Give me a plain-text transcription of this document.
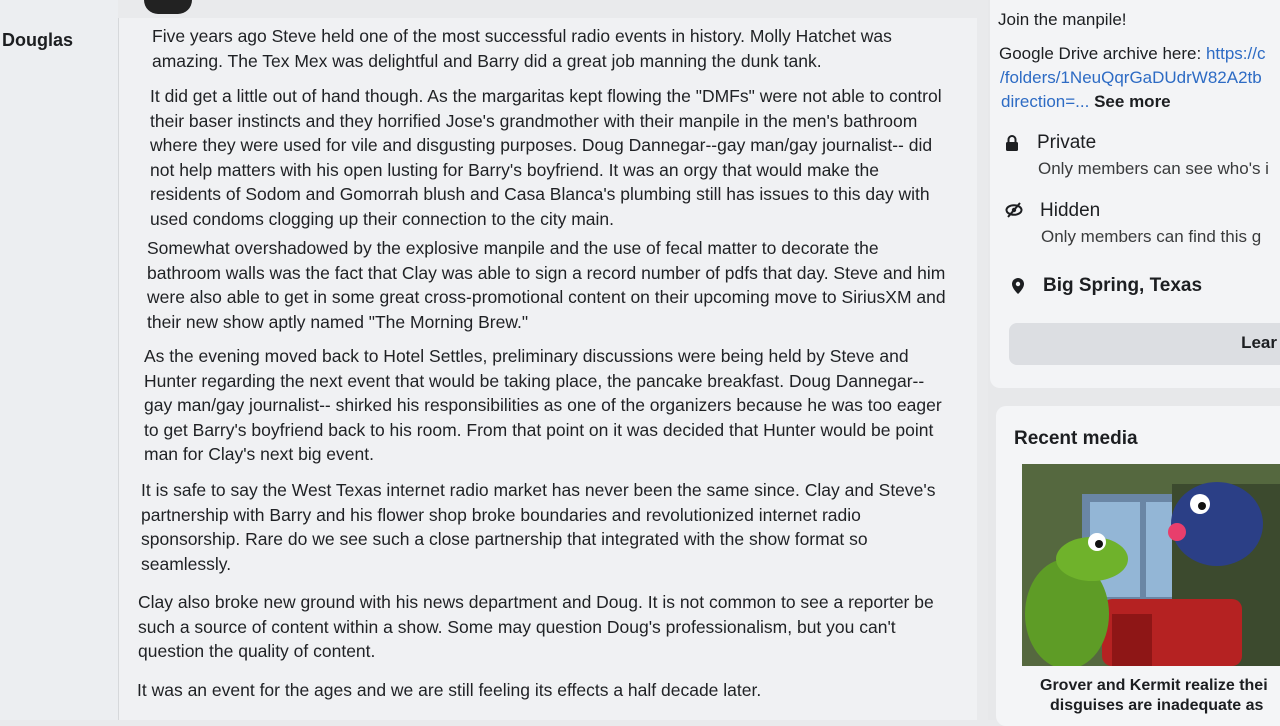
Douglas	Five years ago Steve held one of the most successful radio events in history. Molly Hatchet was amazing. The Tex Mex was delightful and Barry did a great job manning the dunk tank.

It did get a little out of hand though. As the margaritas kept flowing the "DMFs" were not able to control their baser instincts and they horrified Jose's grandmother with their manpile in the men's bathroom where they were used for vile and disgusting purposes. Doug Dannegar--gay man/gay journalist-- did not help matters with his open lusting for Barry's boyfriend. It was an orgy that would make the residents of Sodom and Gomorrah blush and Casa Blanca's plumbing still has issues to this day with used condoms clogging up their connection to the city main.

Somewhat overshadowed by the explosive manpile and the use of fecal matter to decorate the bathroom walls was the fact that Clay was able to sign a record number of pdfs that day. Steve and him were also able to get in some great cross-promotional content on their upcoming move to SiriusXM and their new show aptly named "The Morning Brew."

As the evening moved back to Hotel Settles, preliminary discussions were being held by Steve and Hunter regarding the next event that would be taking place, the pancake breakfast. Doug Dannegar--gay man/gay journalist-- shirked his responsibilities as one of the organizers because he was too eager to get Barry's boyfriend back to his room. From that point on it was decided that Hunter would be point man for Clay's next big event.

It is safe to say the West Texas internet radio market has never been the same since. Clay and Steve's partnership with Barry and his flower shop broke boundaries and revolutionized internet radio sponsorship. Rare do we see such a close partnership that integrated with the show format so seamlessly.

Clay also broke new ground with his news department and Doug. It is not common to see a reporter be such a source of content within a show. Some may question Doug's professionalism, but you can't question the quality of content.

It was an event for the ages and we are still feeling its effects a half decade later.

Join the manpile!
Google Drive archive here: https://c
/folders/1NeuQqrGaDUdrW82A2tb
direction=... See more
Private
Only members can see who's i
Hidden
Only members can find this g
Big Spring, Texas
Lear
Recent media
Grover and Kermit realize thei
disguises are inadequate as
